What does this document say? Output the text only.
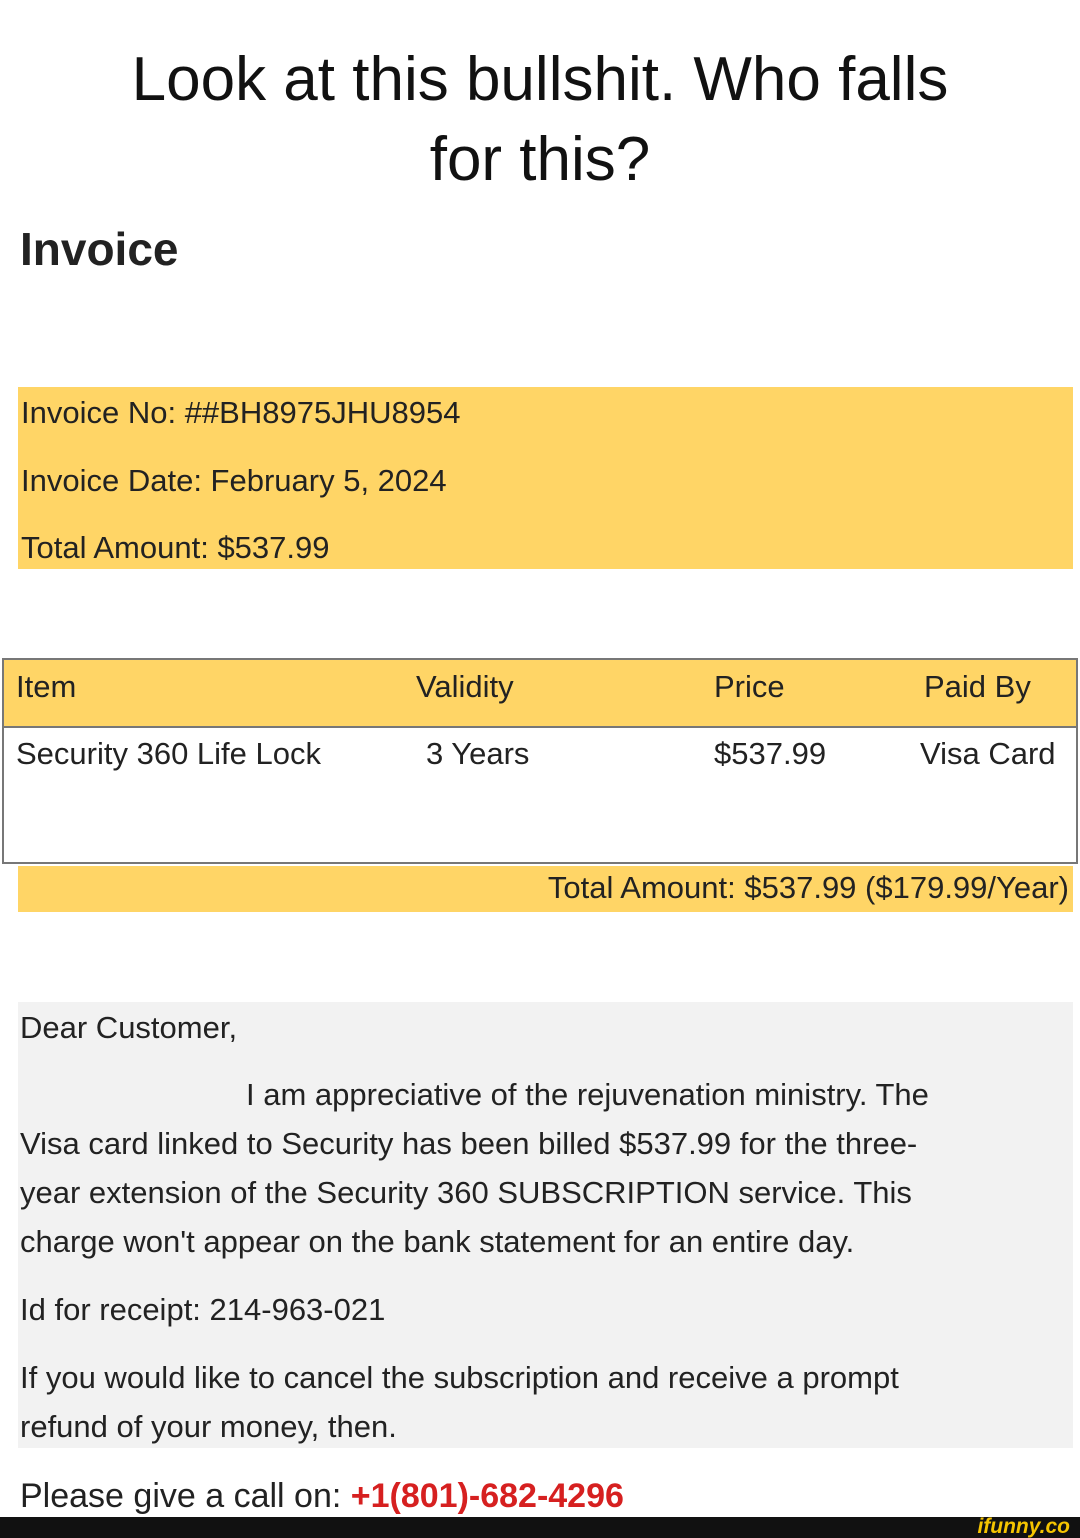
Look at this bullshit. Who falls
for this?
Invoice
Invoice No: ##BH8975JHU8954
Invoice Date: February 5, 2024
Total Amount: $537.99
Item	Validity	Price	Paid By
Security 360 Life Lock	3 Years	$537.99	Visa Card
Total Amount: $537.99 ($179.99/Year)
Dear Customer,
I am appreciative of the rejuvenation ministry. The
Visa card linked to Security has been billed $537.99 for the three-
year extension of the Security 360 SUBSCRIPTION service. This
charge won't appear on the bank statement for an entire day.
Id for receipt: 214-963-021
If you would like to cancel the subscription and receive a prompt
refund of your money, then.
Please give a call on: +1(801)-682-4296
ifunny.co
